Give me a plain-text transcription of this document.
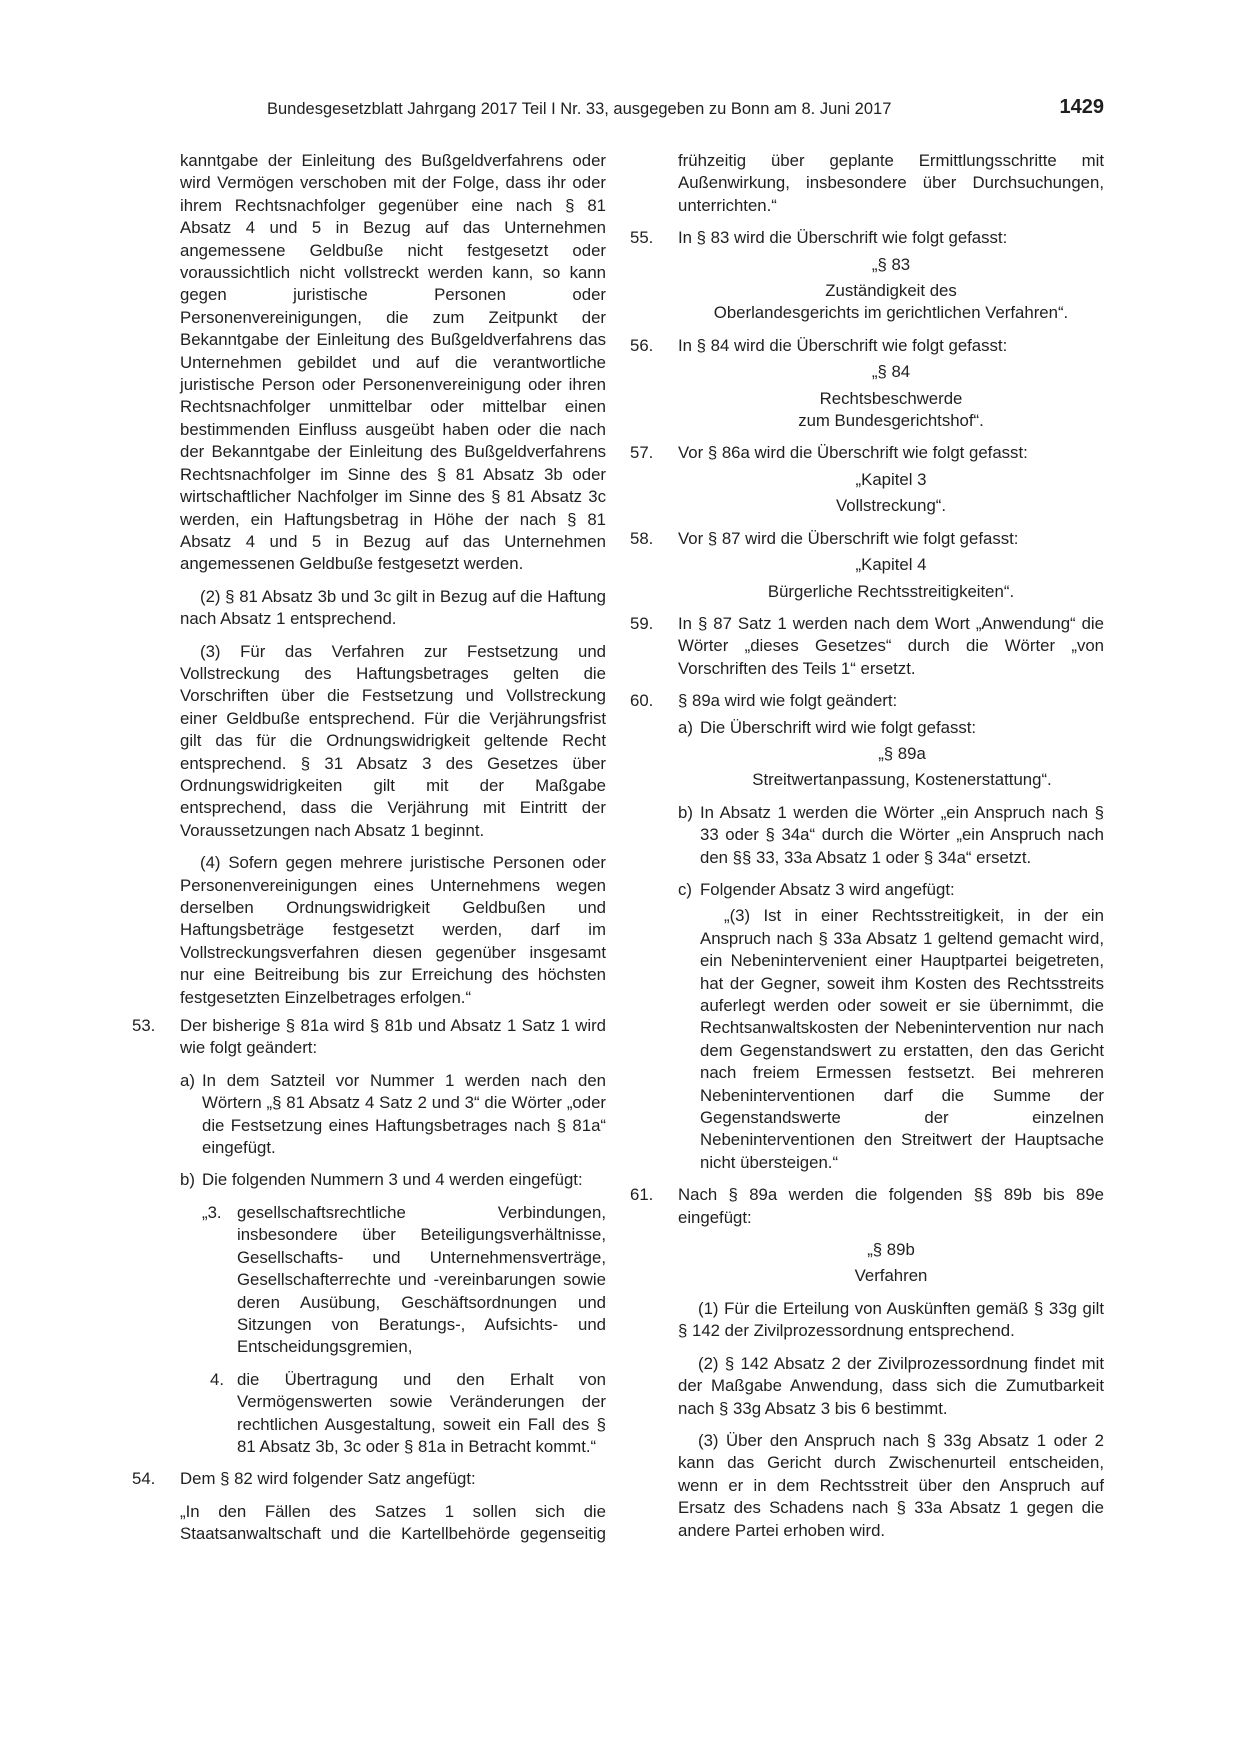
Bundesgesetzblatt Jahrgang 2017 Teil I Nr. 33, ausgegeben zu Bonn am 8. Juni 2017	1429

kanntgabe der Einleitung des Bußgeldverfahrens oder wird Vermögen verschoben mit der Folge, dass ihr oder ihrem Rechtsnachfolger gegenüber eine nach § 81 Absatz 4 und 5 in Bezug auf das Unternehmen angemessene Geldbuße nicht festgesetzt oder voraussichtlich nicht vollstreckt werden kann, so kann gegen juristische Personen oder Personenvereinigungen, die zum Zeitpunkt der Bekanntgabe der Einleitung des Bußgeldverfahrens das Unternehmen gebildet und auf die verantwortliche juristische Person oder Personenvereinigung oder ihren Rechtsnachfolger unmittelbar oder mittelbar einen bestimmenden Einfluss ausgeübt haben oder die nach der Bekanntgabe der Einleitung des Bußgeldverfahrens Rechtsnachfolger im Sinne des § 81 Absatz 3b oder wirtschaftlicher Nachfolger im Sinne des § 81 Absatz 3c werden, ein Haftungsbetrag in Höhe der nach § 81 Absatz 4 und 5 in Bezug auf das Unternehmen angemessenen Geldbuße festgesetzt werden.

(2) § 81 Absatz 3b und 3c gilt in Bezug auf die Haftung nach Absatz 1 entsprechend.

(3) Für das Verfahren zur Festsetzung und Vollstreckung des Haftungsbetrages gelten die Vorschriften über die Festsetzung und Vollstreckung einer Geldbuße entsprechend. Für die Verjährungsfrist gilt das für die Ordnungswidrigkeit geltende Recht entsprechend. § 31 Absatz 3 des Gesetzes über Ordnungswidrigkeiten gilt mit der Maßgabe entsprechend, dass die Verjährung mit Eintritt der Voraussetzungen nach Absatz 1 beginnt.

(4) Sofern gegen mehrere juristische Personen oder Personenvereinigungen eines Unternehmens wegen derselben Ordnungswidrigkeit Geldbußen und Haftungsbeträge festgesetzt werden, darf im Vollstreckungsverfahren diesen gegenüber insgesamt nur eine Beitreibung bis zur Erreichung des höchsten festgesetzten Einzelbetrages erfolgen.“

53. Der bisherige § 81a wird § 81b und Absatz 1 Satz 1 wird wie folgt geändert:
a) In dem Satzteil vor Nummer 1 werden nach den Wörtern „§ 81 Absatz 4 Satz 2 und 3“ die Wörter „oder die Festsetzung eines Haftungsbetrages nach § 81a“ eingefügt.
b) Die folgenden Nummern 3 und 4 werden eingefügt:
„3. gesellschaftsrechtliche Verbindungen, insbesondere über Beteiligungsverhältnisse, Gesellschafts- und Unternehmensverträge, Gesellschafterrechte und -vereinbarungen sowie deren Ausübung, Geschäftsordnungen und Sitzungen von Beratungs-, Aufsichts- und Entscheidungsgremien,
4. die Übertragung und den Erhalt von Vermögenswerten sowie Veränderungen der rechtlichen Ausgestaltung, soweit ein Fall des § 81 Absatz 3b, 3c oder § 81a in Betracht kommt.“
54. Dem § 82 wird folgender Satz angefügt:

„In den Fällen des Satzes 1 sollen sich die Staatsanwaltschaft und die Kartellbehörde gegenseitig

frühzeitig über geplante Ermittlungsschritte mit Außenwirkung, insbesondere über Durchsuchungen, unterrichten.“

55. In § 83 wird die Überschrift wie folgt gefasst:
„§ 83
Zuständigkeit des
Oberlandesgerichts im gerichtlichen Verfahren“.
56. In § 84 wird die Überschrift wie folgt gefasst:
„§ 84
Rechtsbeschwerde
zum Bundesgerichtshof“.
57. Vor § 86a wird die Überschrift wie folgt gefasst:
„Kapitel 3
Vollstreckung“.
58. Vor § 87 wird die Überschrift wie folgt gefasst:
„Kapitel 4
Bürgerliche Rechtsstreitigkeiten“.
59. In § 87 Satz 1 werden nach dem Wort „Anwendung“ die Wörter „dieses Gesetzes“ durch die Wörter „von Vorschriften des Teils 1“ ersetzt.
60. § 89a wird wie folgt geändert:
a) Die Überschrift wird wie folgt gefasst:
„§ 89a
Streitwertanpassung, Kostenerstattung“.
b) In Absatz 1 werden die Wörter „ein Anspruch nach § 33 oder § 34a“ durch die Wörter „ein Anspruch nach den §§ 33, 33a Absatz 1 oder § 34a“ ersetzt.
c) Folgender Absatz 3 wird angefügt:
„(3) Ist in einer Rechtsstreitigkeit, in der ein Anspruch nach § 33a Absatz 1 geltend gemacht wird, ein Nebenintervenient einer Hauptpartei beigetreten, hat der Gegner, soweit ihm Kosten des Rechtsstreits auferlegt werden oder soweit er sie übernimmt, die Rechtsanwaltskosten der Nebenintervention nur nach dem Gegenstandswert zu erstatten, den das Gericht nach freiem Ermessen festsetzt. Bei mehreren Nebeninterventionen darf die Summe der Gegenstandswerte der einzelnen Nebeninterventionen den Streitwert der Hauptsache nicht übersteigen.“
61. Nach § 89a werden die folgenden §§ 89b bis 89e eingefügt:
„§ 89b
Verfahren

(1) Für die Erteilung von Auskünften gemäß § 33g gilt § 142 der Zivilprozessordnung entsprechend.

(2) § 142 Absatz 2 der Zivilprozessordnung findet mit der Maßgabe Anwendung, dass sich die Zumutbarkeit nach § 33g Absatz 3 bis 6 bestimmt.

(3) Über den Anspruch nach § 33g Absatz 1 oder 2 kann das Gericht durch Zwischenurteil entscheiden, wenn er in dem Rechtsstreit über den Anspruch auf Ersatz des Schadens nach § 33a Absatz 1 gegen die andere Partei erhoben wird.
